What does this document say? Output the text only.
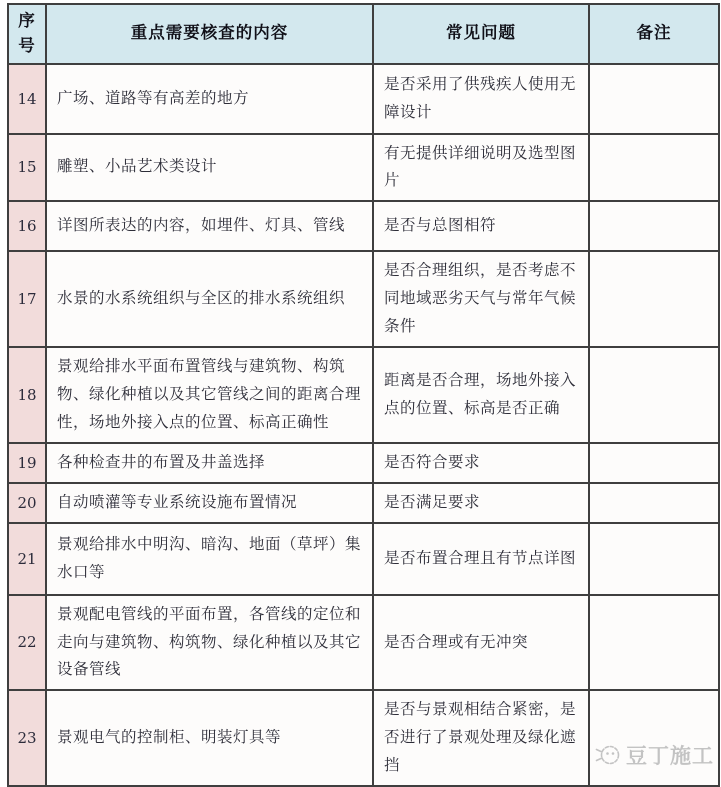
序 号	重点需要核查的内容	常见问题	备注
14	广场、道路等有高差的地方	是否采用了供残疾人使用无障设计	
15	雕塑、小品艺术类设计	有无提供详细说明及选型图片	
16	详图所表达的内容，如埋件、灯具、管线	是否与总图相符	
17	水景的水系统组织与全区的排水系统组织	是否合理组织，是否考虑不同地域恶劣天气与常年气候条件	
18	景观给排水平面布置管线与建筑物、构筑物、绿化种植以及其它管线之间的距离合理性，场地外接入点的位置、标高正确性	距离是否合理，场地外接入点的位置、标高是否正确	
19	各种检查井的布置及井盖选择	是否符合要求	
20	自动喷灌等专业系统设施布置情况	是否满足要求	
21	景观给排水中明沟、暗沟、地面（草坪）集水口等	是否布置合理且有节点详图	
22	景观配电管线的平面布置，各管线的定位和走向与建筑物、构筑物、绿化种植以及其它设备管线	是否合理或有无冲突	
23	景观电气的控制柜、明装灯具等	是否与景观相结合紧密，是否进行了景观处理及绿化遮挡	豆丁施工
